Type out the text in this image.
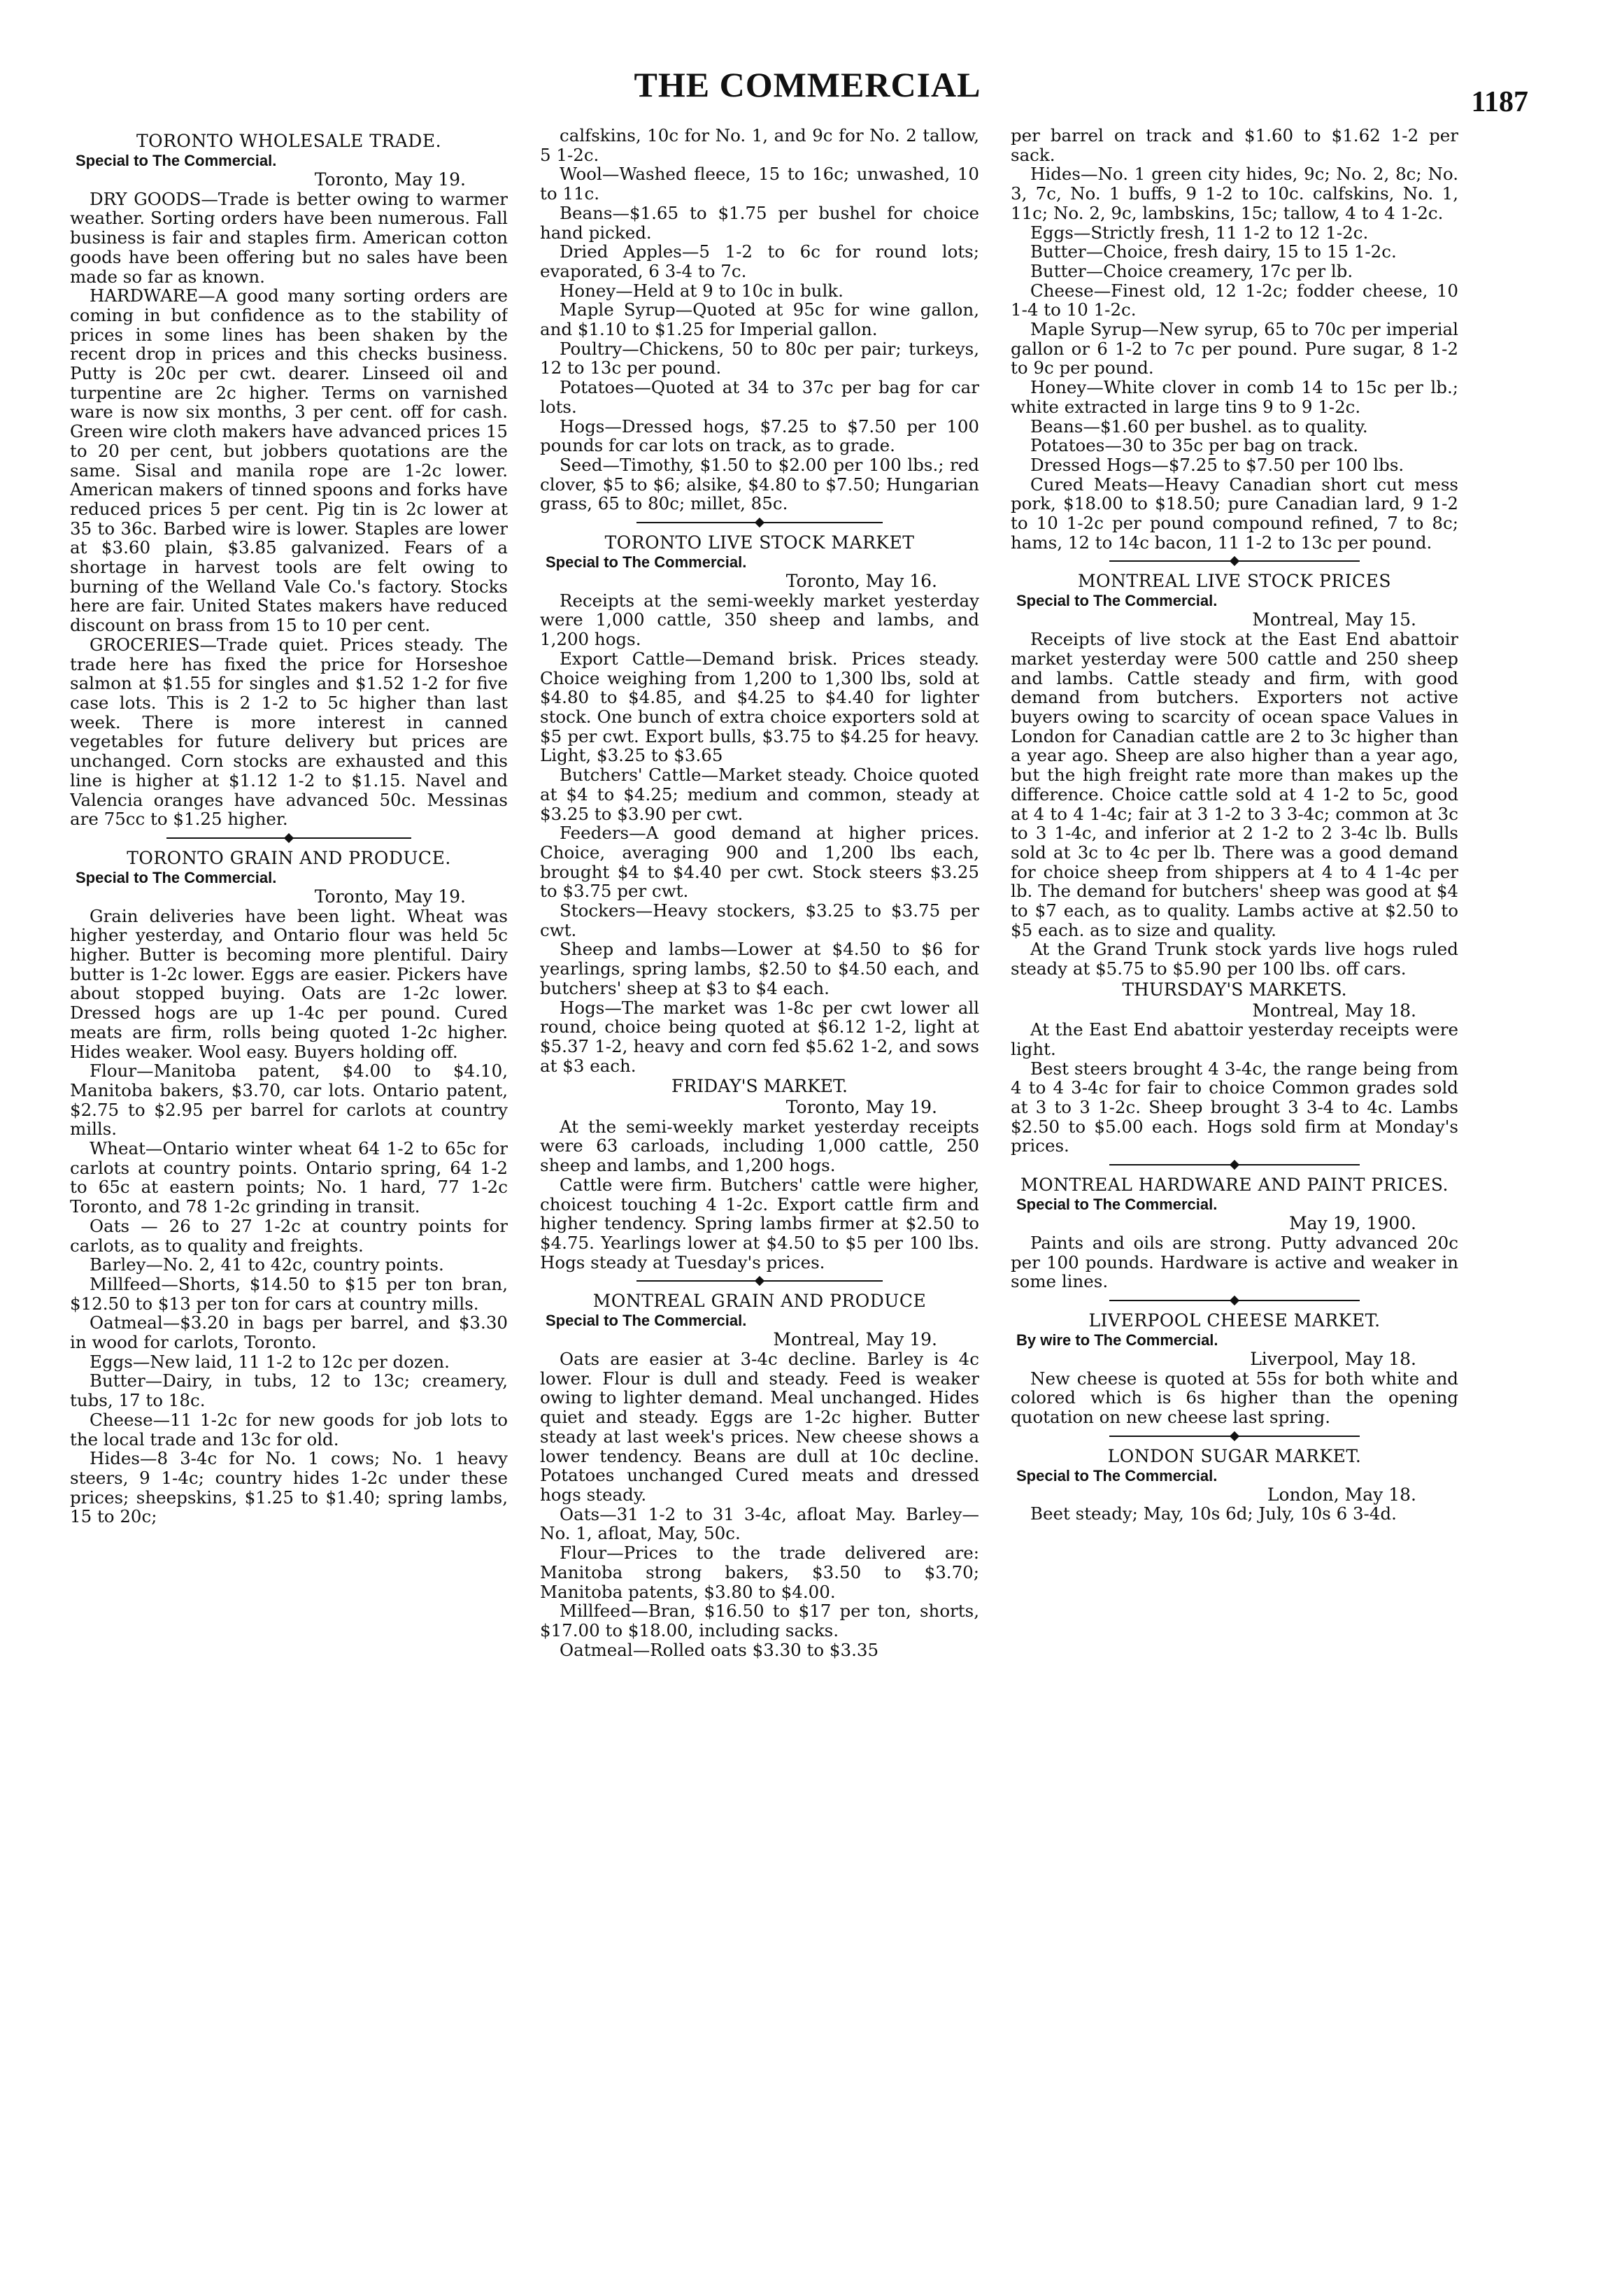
THE COMMERCIAL	1187
TORONTO WHOLESALE TRADE.
Special to The Commercial.
Toronto, May 19.

DRY GOODS—Trade is better owing to warmer weather. Sorting orders have been numerous. Fall business is fair and staples firm. American cotton goods have been offering but no sales have been made so far as known.

HARDWARE—A good many sorting orders are coming in but confidence as to the stability of prices in some lines has been shaken by the recent drop in prices and this checks business. Putty is 20c per cwt. dearer. Linseed oil and turpentine are 2c higher. Terms on varnished ware is now six months, 3 per cent. off for cash. Green wire cloth makers have advanced prices 15 to 20 per cent, but jobbers quotations are the same. Sisal and manila rope are 1-2c lower. American makers of tinned spoons and forks have reduced prices 5 per cent. Pig tin is 2c lower at 35 to 36c. Barbed wire is lower. Staples are lower at $3.60 plain, $3.85 galvanized. Fears of a shortage in harvest tools are felt owing to burning of the Welland Vale Co.'s factory. Stocks here are fair. United States makers have reduced discount on brass from 15 to 10 per cent.

GROCERIES—Trade quiet. Prices steady. The trade here has fixed the price for Horseshoe salmon at $1.55 for singles and $1.52 1-2 for five case lots. This is 2 1-2 to 5c higher than last week. There is more interest in canned vegetables for future delivery but prices are unchanged. Corn stocks are exhausted and this line is higher at $1.12 1-2 to $1.15. Navel and Valencia oranges have advanced 50c. Messinas are 75cc to $1.25 higher.

TORONTO GRAIN AND PRODUCE.
Special to The Commercial.
Toronto, May 19.

Grain deliveries have been light. Wheat was higher yesterday, and Ontario flour was held 5c higher. Butter is becoming more plentiful. Dairy butter is 1-2c lower. Eggs are easier. Pickers have about stopped buying. Oats are 1-2c lower. Dressed hogs are up 1-4c per pound. Cured meats are firm, rolls being quoted 1-2c higher. Hides weaker. Wool easy. Buyers holding off.

Flour—Manitoba patent, $4.00 to $4.10, Manitoba bakers, $3.70, car lots. Ontario patent, $2.75 to $2.95 per barrel for carlots at country mills.

Wheat—Ontario winter wheat 64 1-2 to 65c for carlots at country points. Ontario spring, 64 1-2 to 65c at eastern points; No. 1 hard, 77 1-2c Toronto, and 78 1-2c grinding in transit.

Oats — 26 to 27 1-2c at country points for carlots, as to quality and freights.

Barley—No. 2, 41 to 42c, country points.

Millfeed—Shorts, $14.50 to $15 per ton bran, $12.50 to $13 per ton for cars at country mills.

Oatmeal—$3.20 in bags per barrel, and $3.30 in wood for carlots, Toronto.

Eggs—New laid, 11 1-2 to 12c per dozen.

Butter—Dairy, in tubs, 12 to 13c; creamery, tubs, 17 to 18c.

Cheese—11 1-2c for new goods for job lots to the local trade and 13c for old.

Hides—8 3-4c for No. 1 cows; No. 1 heavy steers, 9 1-4c; country hides 1-2c under these prices; sheepskins, $1.25 to $1.40; spring lambs, 15 to 20c;

calfskins, 10c for No. 1, and 9c for No. 2 tallow, 5 1-2c.

Wool—Washed fleece, 15 to 16c; unwashed, 10 to 11c.

Beans—$1.65 to $1.75 per bushel for choice hand picked.

Dried Apples—5 1-2 to 6c for round lots; evaporated, 6 3-4 to 7c.

Honey—Held at 9 to 10c in bulk.

Maple Syrup—Quoted at 95c for wine gallon, and $1.10 to $1.25 for Imperial gallon.

Poultry—Chickens, 50 to 80c per pair; turkeys, 12 to 13c per pound.

Potatoes—Quoted at 34 to 37c per bag for car lots.

Hogs—Dressed hogs, $7.25 to $7.50 per 100 pounds for car lots on track, as to grade.

Seed—Timothy, $1.50 to $2.00 per 100 lbs.; red clover, $5 to $6; alsike, $4.80 to $7.50; Hungarian grass, 65 to 80c; millet, 85c.

TORONTO LIVE STOCK MARKET
Special to The Commercial.
Toronto, May 16.

Receipts at the semi-weekly market yesterday were 1,000 cattle, 350 sheep and lambs, and 1,200 hogs.

Export Cattle—Demand brisk. Prices steady. Choice weighing from 1,200 to 1,300 lbs, sold at $4.80 to $4.85, and $4.25 to $4.40 for lighter stock. One bunch of extra choice exporters sold at $5 per cwt. Export bulls, $3.75 to $4.25 for heavy. Light, $3.25 to $3.65

Butchers' Cattle—Market steady. Choice quoted at $4 to $4.25; medium and common, steady at $3.25 to $3.90 per cwt.

Feeders—A good demand at higher prices. Choice, averaging 900 and 1,200 lbs each, brought $4 to $4.40 per cwt. Stock steers $3.25 to $3.75 per cwt.

Stockers—Heavy stockers, $3.25 to $3.75 per cwt.

Sheep and lambs—Lower at $4.50 to $6 for yearlings, spring lambs, $2.50 to $4.50 each, and butchers' sheep at $3 to $4 each.

Hogs—The market was 1-8c per cwt lower all round, choice being quoted at $6.12 1-2, light at $5.37 1-2, heavy and corn fed $5.62 1-2, and sows at $3 each.

FRIDAY'S MARKET.
Toronto, May 19.

At the semi-weekly market yesterday receipts were 63 carloads, including 1,000 cattle, 250 sheep and lambs, and 1,200 hogs.

Cattle were firm. Butchers' cattle were higher, choicest touching 4 1-2c. Export cattle firm and higher tendency. Spring lambs firmer at $2.50 to $4.75. Yearlings lower at $4.50 to $5 per 100 lbs. Hogs steady at Tuesday's prices.

MONTREAL GRAIN AND PRODUCE
Special to The Commercial.
Montreal, May 19.

Oats are easier at 3-4c decline. Barley is 4c lower. Flour is dull and steady. Feed is weaker owing to lighter demand. Meal unchanged. Hides quiet and steady. Eggs are 1-2c higher. Butter steady at last week's prices. New cheese shows a lower tendency. Beans are dull at 10c decline. Potatoes unchanged Cured meats and dressed hogs steady.

Oats—31 1-2 to 31 3-4c, afloat May. Barley—No. 1, afloat, May, 50c.

Flour—Prices to the trade delivered are: Manitoba strong bakers, $3.50 to $3.70; Manitoba patents, $3.80 to $4.00.

Millfeed—Bran, $16.50 to $17 per ton, shorts, $17.00 to $18.00, including sacks.

Oatmeal—Rolled oats $3.30 to $3.35

per barrel on track and $1.60 to $1.62 1-2 per sack.

Hides—No. 1 green city hides, 9c; No. 2, 8c; No. 3, 7c, No. 1 buffs, 9 1-2 to 10c. calfskins, No. 1, 11c; No. 2, 9c, lambskins, 15c; tallow, 4 to 4 1-2c.

Eggs—Strictly fresh, 11 1-2 to 12 1-2c.

Butter—Choice, fresh dairy, 15 to 15 1-2c.

Butter—Choice creamery, 17c per lb.

Cheese—Finest old, 12 1-2c; fodder cheese, 10 1-4 to 10 1-2c.

Maple Syrup—New syrup, 65 to 70c per imperial gallon or 6 1-2 to 7c per pound. Pure sugar, 8 1-2 to 9c per pound.

Honey—White clover in comb 14 to 15c per lb.; white extracted in large tins 9 to 9 1-2c.

Beans—$1.60 per bushel. as to quality.

Potatoes—30 to 35c per bag on track.

Dressed Hogs—$7.25 to $7.50 per 100 lbs.

Cured Meats—Heavy Canadian short cut mess pork, $18.00 to $18.50; pure Canadian lard, 9 1-2 to 10 1-2c per pound compound refined, 7 to 8c; hams, 12 to 14c bacon, 11 1-2 to 13c per pound.

MONTREAL LIVE STOCK PRICES
Special to The Commercial.
Montreal, May 15.

Receipts of live stock at the East End abattoir market yesterday were 500 cattle and 250 sheep and lambs. Cattle steady and firm, with good demand from butchers. Exporters not active buyers owing to scarcity of ocean space Values in London for Canadian cattle are 2 to 3c higher than a year ago. Sheep are also higher than a year ago, but the high freight rate more than makes up the difference. Choice cattle sold at 4 1-2 to 5c, good at 4 to 4 1-4c; fair at 3 1-2 to 3 3-4c; common at 3c to 3 1-4c, and inferior at 2 1-2 to 2 3-4c lb. Bulls sold at 3c to 4c per lb. There was a good demand for choice sheep from shippers at 4 to 4 1-4c per lb. The demand for butchers' sheep was good at $4 to $7 each, as to quality. Lambs active at $2.50 to $5 each. as to size and quality.

At the Grand Trunk stock yards live hogs ruled steady at $5.75 to $5.90 per 100 lbs. off cars.

THURSDAY'S MARKETS.
Montreal, May 18.

At the East End abattoir yesterday receipts were light.

Best steers brought 4 3-4c, the range being from 4 to 4 3-4c for fair to choice Common grades sold at 3 to 3 1-2c. Sheep brought 3 3-4 to 4c. Lambs $2.50 to $5.00 each. Hogs sold firm at Monday's prices.

MONTREAL HARDWARE AND PAINT PRICES.
Special to The Commercial.
May 19, 1900.

Paints and oils are strong. Putty advanced 20c per 100 pounds. Hardware is active and weaker in some lines.

LIVERPOOL CHEESE MARKET.
By wire to The Commercial.
Liverpool, May 18.

New cheese is quoted at 55s for both white and colored which is 6s higher than the opening quotation on new cheese last spring.

LONDON SUGAR MARKET.
Special to The Commercial.
London, May 18.

Beet steady; May, 10s 6d; July, 10s 6 3-4d.
